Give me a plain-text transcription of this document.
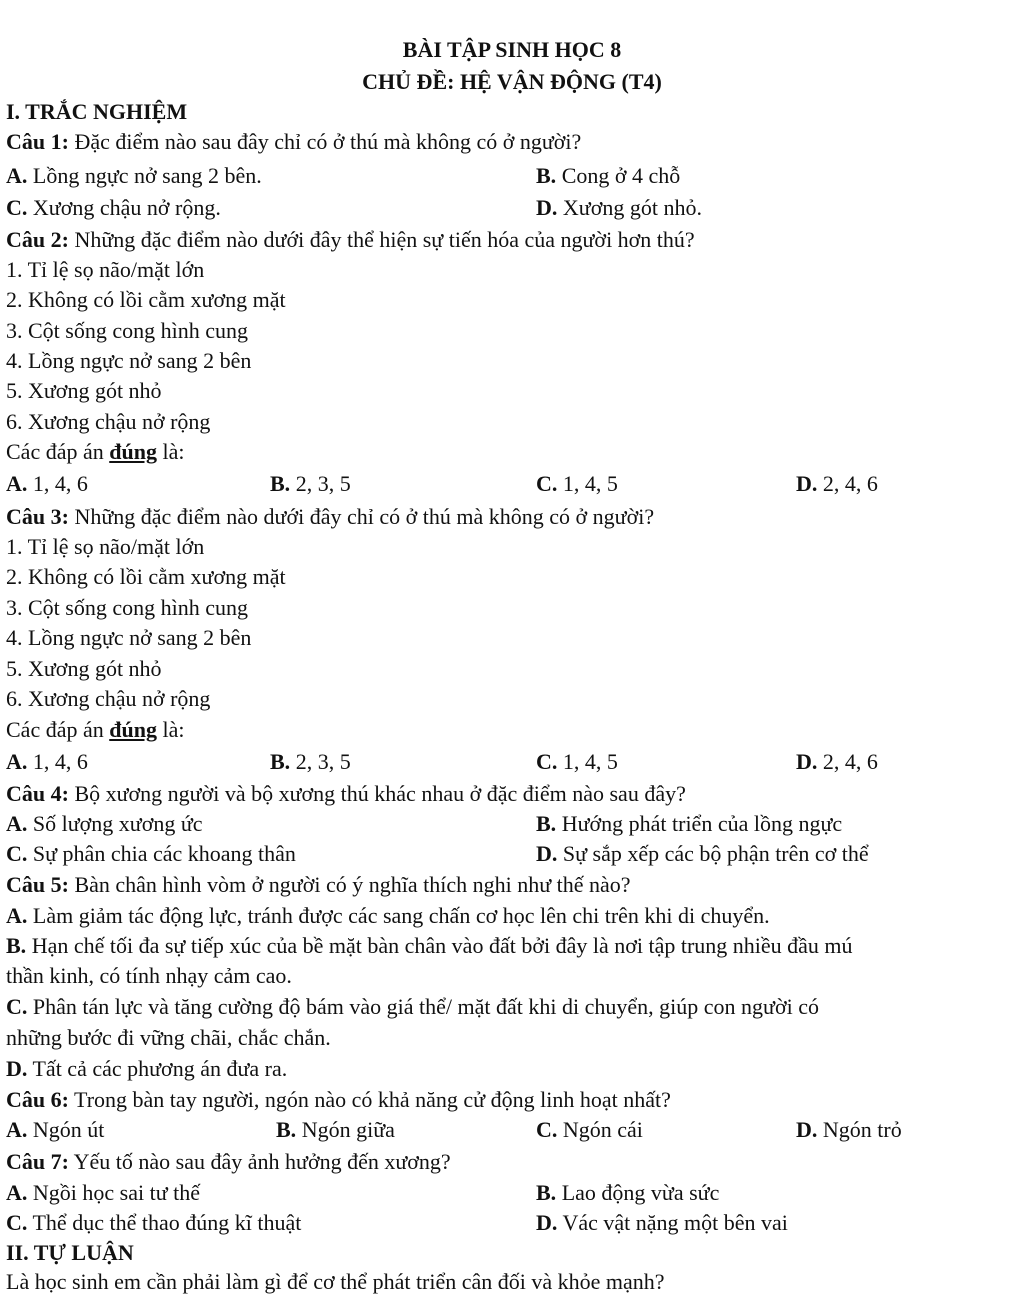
BÀI TẬP SINH HỌC 8
CHỦ ĐỀ: HỆ VẬN ĐỘNG (T4)
I. TRẮC NGHIỆM
Câu 1: Đặc điểm nào sau đây chỉ có ở thú mà không có ở người?
A. Lồng ngực nở sang 2 bên.	B. Cong ở 4 chỗ
C. Xương chậu nở rộng.	D. Xương gót nhỏ.
Câu 2: Những đặc điểm nào dưới đây thể hiện sự tiến hóa của người hơn thú?
1. Tỉ lệ sọ não/mặt lớn
2. Không có lồi cằm xương mặt
3. Cột sống cong hình cung
4. Lồng ngực nở sang 2 bên
5. Xương gót nhỏ
6. Xương chậu nở rộng
Các đáp án đúng là:
A. 1, 4, 6	B. 2, 3, 5	C. 1, 4, 5	D. 2, 4, 6
Câu 3: Những đặc điểm nào dưới đây chỉ có ở thú mà không có ở người?
1. Tỉ lệ sọ não/mặt lớn
2. Không có lồi cằm xương mặt
3. Cột sống cong hình cung
4. Lồng ngực nở sang 2 bên
5. Xương gót nhỏ
6. Xương chậu nở rộng
Các đáp án đúng là:
A. 1, 4, 6	B. 2, 3, 5	C. 1, 4, 5	D. 2, 4, 6
Câu 4: Bộ xương người và bộ xương thú khác nhau ở đặc điểm nào sau đây?
A. Số lượng xương ức	B. Hướng phát triển của lồng ngực
C. Sự phân chia các khoang thân	D. Sự sắp xếp các bộ phận trên cơ thể
Câu 5: Bàn chân hình vòm ở người có ý nghĩa thích nghi như thế nào?
A. Làm giảm tác động lực, tránh được các sang chấn cơ học lên chi trên khi di chuyển.
B. Hạn chế tối đa sự tiếp xúc của bề mặt bàn chân vào đất bởi đây là nơi tập trung nhiều đầu mú
thần kinh, có tính nhạy cảm cao.
C. Phân tán lực và tăng cường độ bám vào giá thể/ mặt đất khi di chuyển, giúp con người có
những bước đi vững chãi, chắc chắn.
D. Tất cả các phương án đưa ra.
Câu 6: Trong bàn tay người, ngón nào có khả năng cử động linh hoạt nhất?
A. Ngón út	B. Ngón giữa	C. Ngón cái	D. Ngón trỏ
Câu 7: Yếu tố nào sau đây ảnh hưởng đến xương?
A. Ngồi học sai tư thế	B. Lao động vừa sức
C. Thể dục thể thao đúng kĩ thuật	D. Vác vật nặng một bên vai
II. TỰ LUẬN
Là học sinh em cần phải làm gì để cơ thể phát triển cân đối và khỏe mạnh?
